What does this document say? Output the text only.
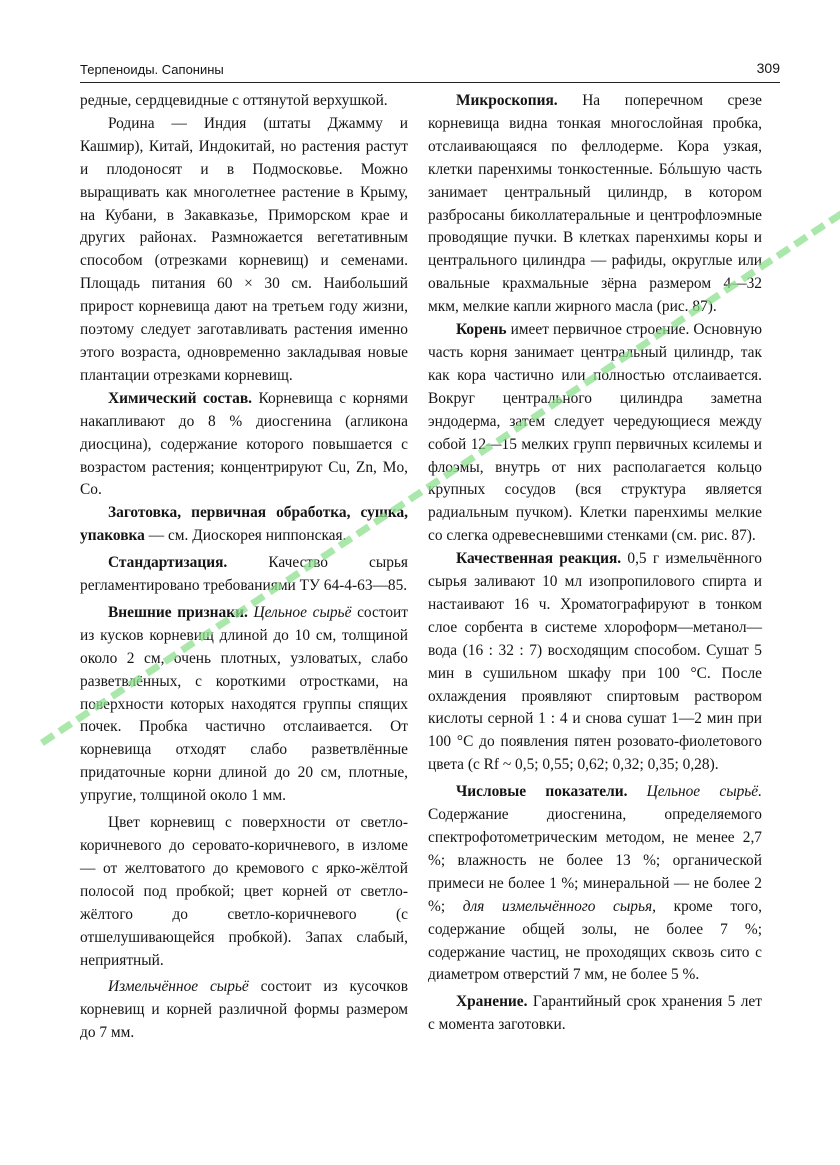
Терпеноиды. Сапонины	309

редные, сердцевидные с оттянутой верхушкой.

Родина — Индия (штаты Джамму и Кашмир), Китай, Индокитай, но растения растут и плодоносят и в Подмосковье. Можно выращивать как многолетнее растение в Крыму, на Кубани, в Закавказье, Приморском крае и других районах. Размножается вегетативным способом (отрезками корневищ) и семенами. Площадь питания 60 × 30 см. Наибольший прирост корневища дают на третьем году жизни, поэтому следует заготавливать растения именно этого возраста, одновременно закладывая новые плантации отрезками корневищ.

Химический состав. Корневища с корнями накапливают до 8 % диосгенина (агликона диосцина), содержание которого повышается с возрастом растения; концентрируют Cu, Zn, Mo, Co.

Заготовка, первичная обработка, сушка, упаковка — см. Диоскорея ниппонская.

Стандартизация. Качество сырья регламентировано требованиями ТУ 64-4-63—85.

Внешние признаки. Цельное сырьё состоит из кусков корневищ длиной до 10 см, толщиной около 2 см, очень плотных, узловатых, слабо разветвлённых, с короткими отростками, на поверхности которых находятся группы спящих почек. Пробка частично отслаивается. От корневища отходят слабо разветвлённые придаточные корни длиной до 20 см, плотные, упругие, толщиной около 1 мм.

Цвет корневищ с поверхности от светло-коричневого до серовато-коричневого, в изломе — от желтоватого до кремового с ярко-жёлтой полосой под пробкой; цвет корней от светло-жёлтого до светло-коричневого (с отшелушивающейся пробкой). Запах слабый, неприятный.

Измельчённое сырьё состоит из кусочков корневищ и корней различной формы размером до 7 мм.

Микроскопия. На поперечном срезе корневища видна тонкая многослойная пробка, отслаивающаяся по феллодерме. Кора узкая, клетки паренхимы тонкостенные. Бóльшую часть занимает центральный цилиндр, в котором разбросаны биколлатеральные и центрофлоэмные проводящие пучки. В клетках паренхимы коры и центрального цилиндра — рафиды, округлые или овальные крахмальные зёрна размером 4—32 мкм, мелкие капли жирного масла (рис. 87).

Корень имеет первичное строение. Основную часть корня занимает центральный цилиндр, так как кора частично или полностью отслаивается. Вокруг центрального цилиндра заметна эндодерма, затем следует чередующиеся между собой 12—15 мелких групп первичных ксилемы и флоэмы, внутрь от них располагается кольцо крупных сосудов (вся структура является радиальным пучком). Клетки паренхимы мелкие со слегка одревесневшими стенками (см. рис. 87).

Качественная реакция. 0,5 г измельчённого сырья заливают 10 мл изопропилового спирта и настаивают 16 ч. Хроматографируют в тонком слое сорбента в системе хлороформ—метанол—вода (16 : 32 : 7) восходящим способом. Сушат 5 мин в сушильном шкафу при 100 °С. После охлаждения проявляют спиртовым раствором кислоты серной 1 : 4 и снова сушат 1—2 мин при 100 °С до появления пятен розовато-фиолетового цвета (с Rf ~ 0,5; 0,55; 0,62; 0,32; 0,35; 0,28).

Числовые показатели. Цельное сырьё. Содержание диосгенина, определяемого спектрофотометрическим методом, не менее 2,7 %; влажность не более 13 %; органической примеси не более 1 %; минеральной — не более 2 %; для измельчённого сырья, кроме того, содержание общей золы, не более 7 %; содержание частиц, не проходящих сквозь сито с диаметром отверстий 7 мм, не более 5 %.

Хранение. Гарантийный срок хранения 5 лет с момента заготовки.
